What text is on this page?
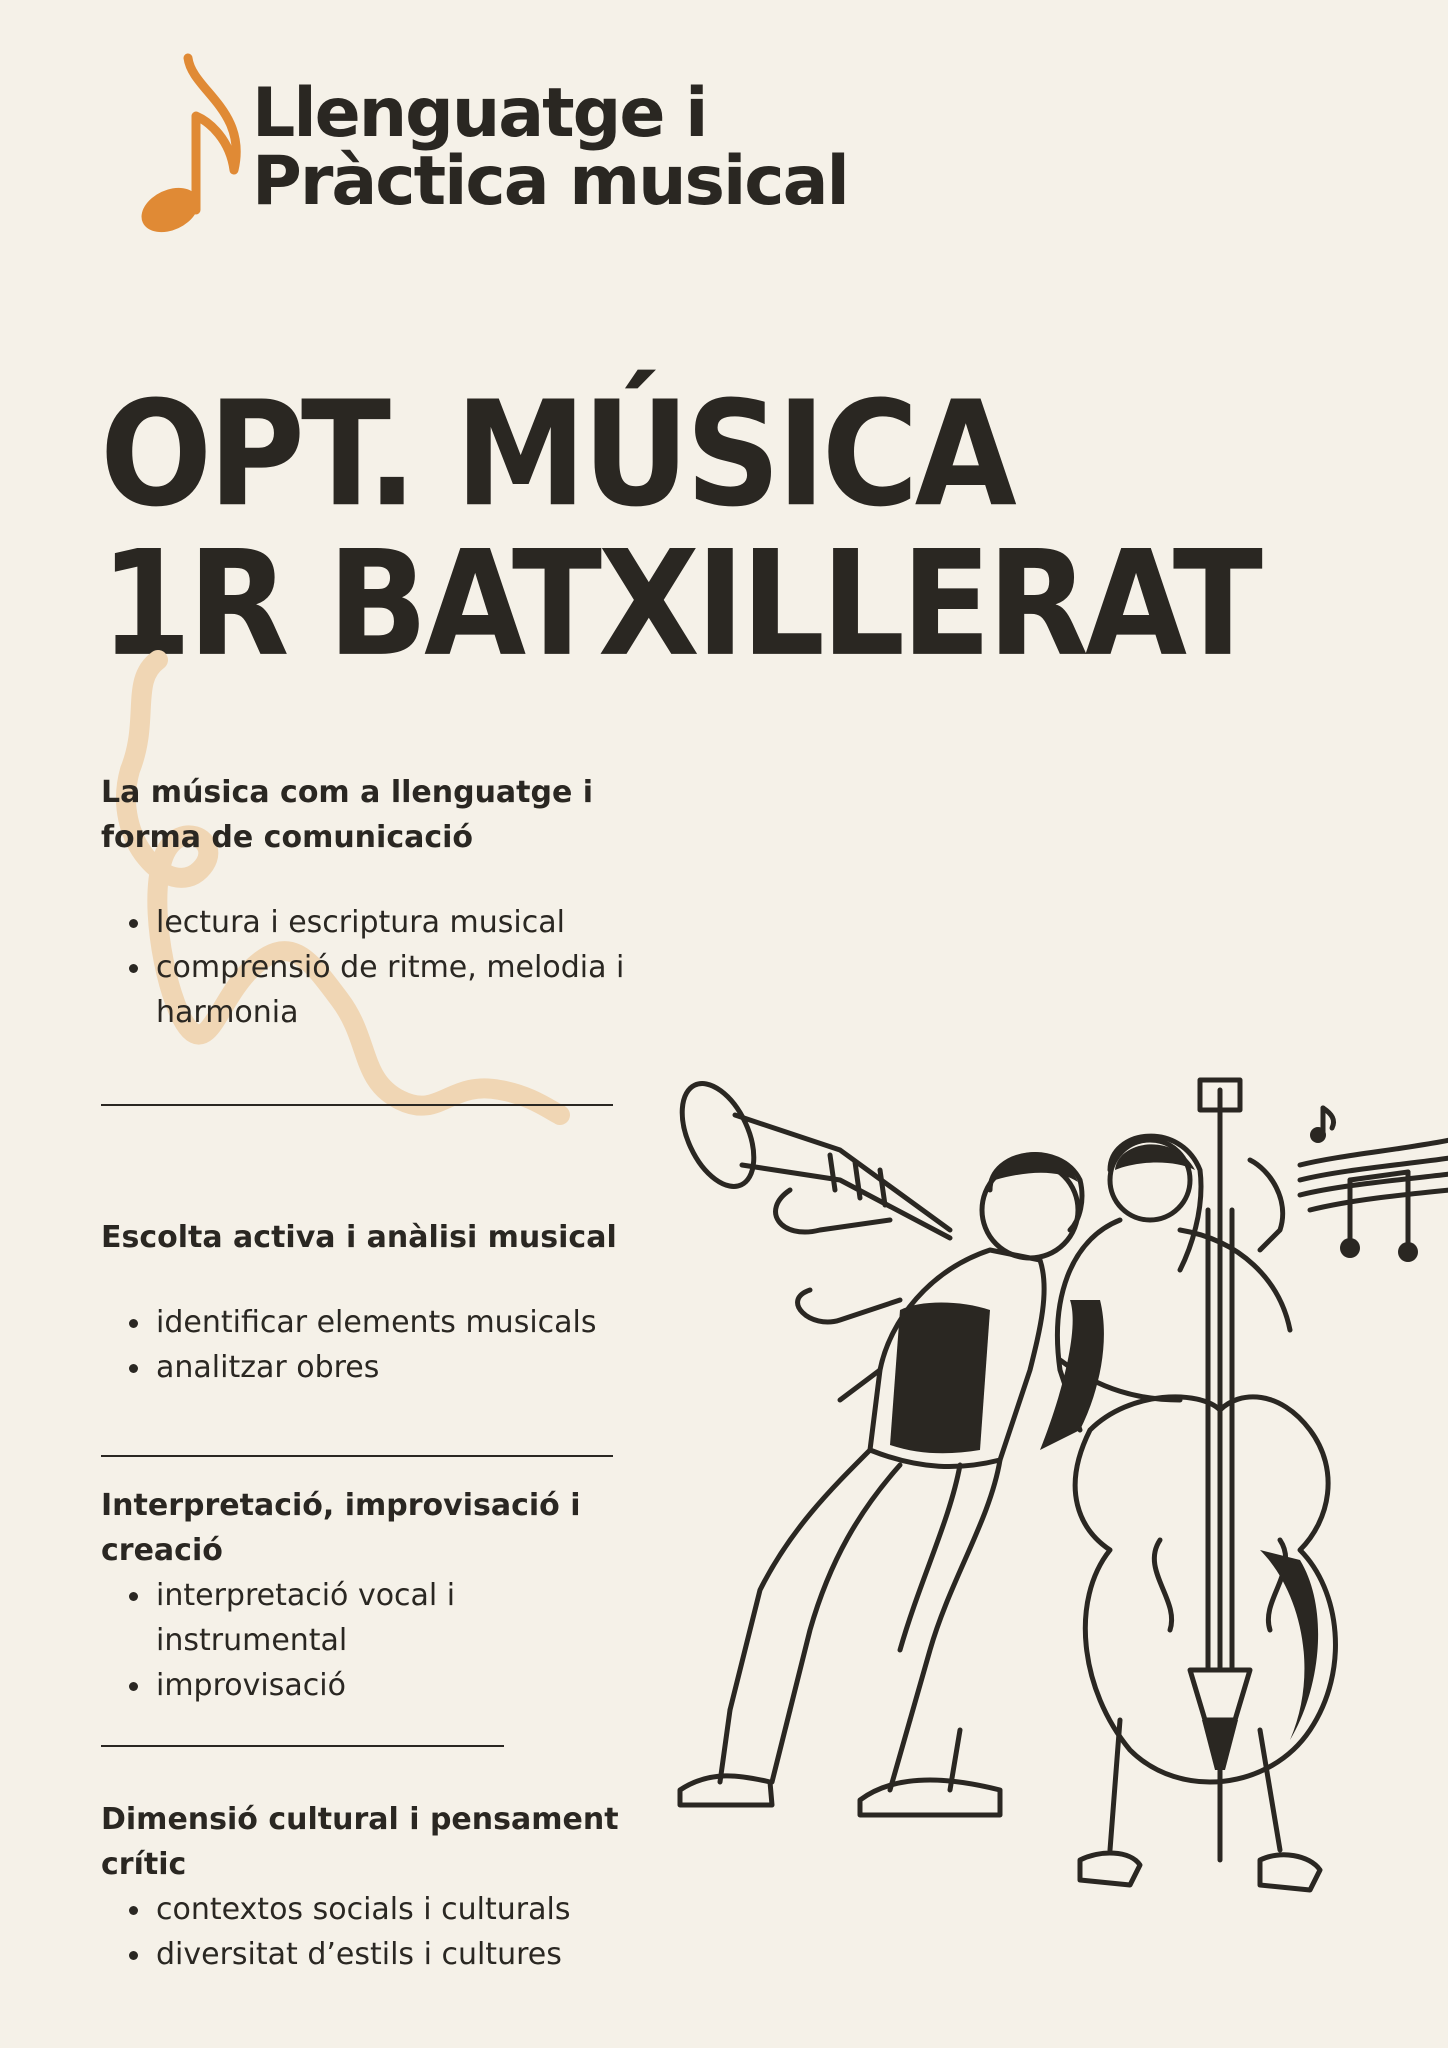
Llenguatge i
Pràctica musical
OPT. MÚSICA
1R BATXILLERAT
La música com a llenguatge i forma de comunicació
lectura i escriptura musical
comprensió de ritme, melodia i harmonia
Escolta activa i anàlisi musical
identificar elements musicals
analitzar obres
Interpretació, improvisació i creació
interpretació vocal i instrumental
improvisació
Dimensió cultural i pensament crític
contextos socials i culturals
diversitat d’estils i cultures
